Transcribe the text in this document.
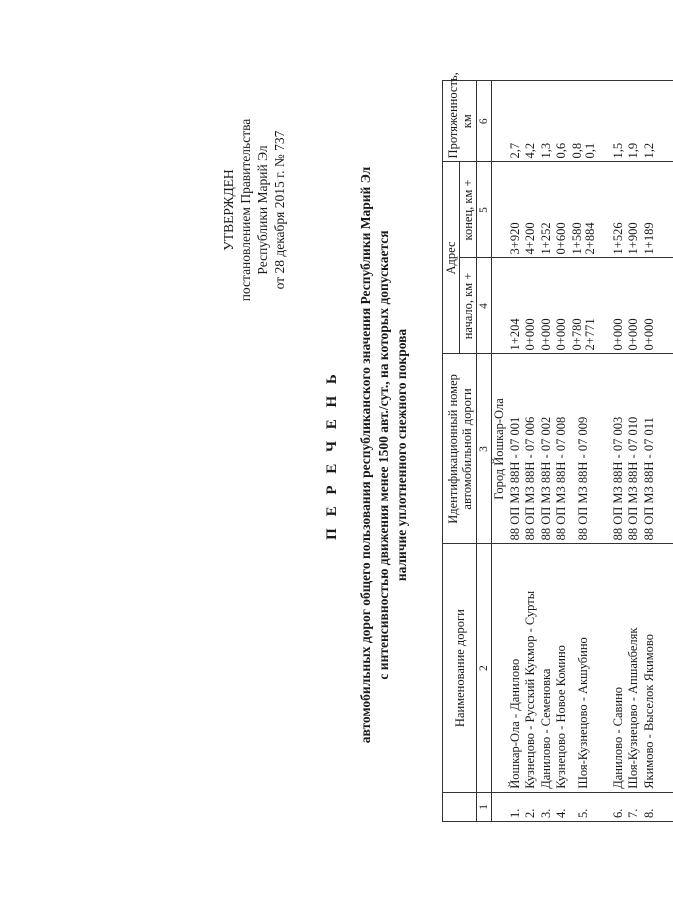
УТВЕРЖДЕН постановлением Правительства Республики Марий Эл от 28 декабря 2015 г. № 737
П Е Р Е Ч Е Н Ь автомобильных дорог общего пользования республиканского значения Республики Марий Эл с интенсивностью движения менее 1500 авт./сут., на которых допускается наличие уплотненного снежного покрова
	Наименование дороги	Идентификационный номер автомобильной дороги	Адрес		Протяженность, км
			начало, км +	конец, км +	
1	2	3	4	5	6
		Город Йошкар-Ола			
1.	Йошкар-Ола - Данилово	88 ОП МЗ 88Н - 07 001	1+204	3+920	2,7
2.	Кузнецово - Русский Кукмор - Сурты	88 ОП МЗ 88Н - 07 006	0+000	4+200	4,2
3.	Данилово - Семеновка	88 ОП МЗ 88Н - 07 002	0+000	1+252	1,3
4.	Кузнецово - Новое Комино	88 ОП МЗ 88Н - 07 008	0+000	0+600	0,6
5.	Шоя-Кузнецово - Акшубино	88 ОП МЗ 88Н - 07 009	0+780 2+771	1+580 2+884	0,8 0,1

6.	Данилово - Савино	88 ОП МЗ 88Н - 07 003	0+000	1+526	1,5
7.	Шоя-Кузнецово - Апшакбеляк	88 ОП МЗ 88Н - 07 010	0+000	1+900	1,9
8.	Якимово - Выселок Якимово	88 ОП МЗ 88Н - 07 011	0+000	1+189	1,2
